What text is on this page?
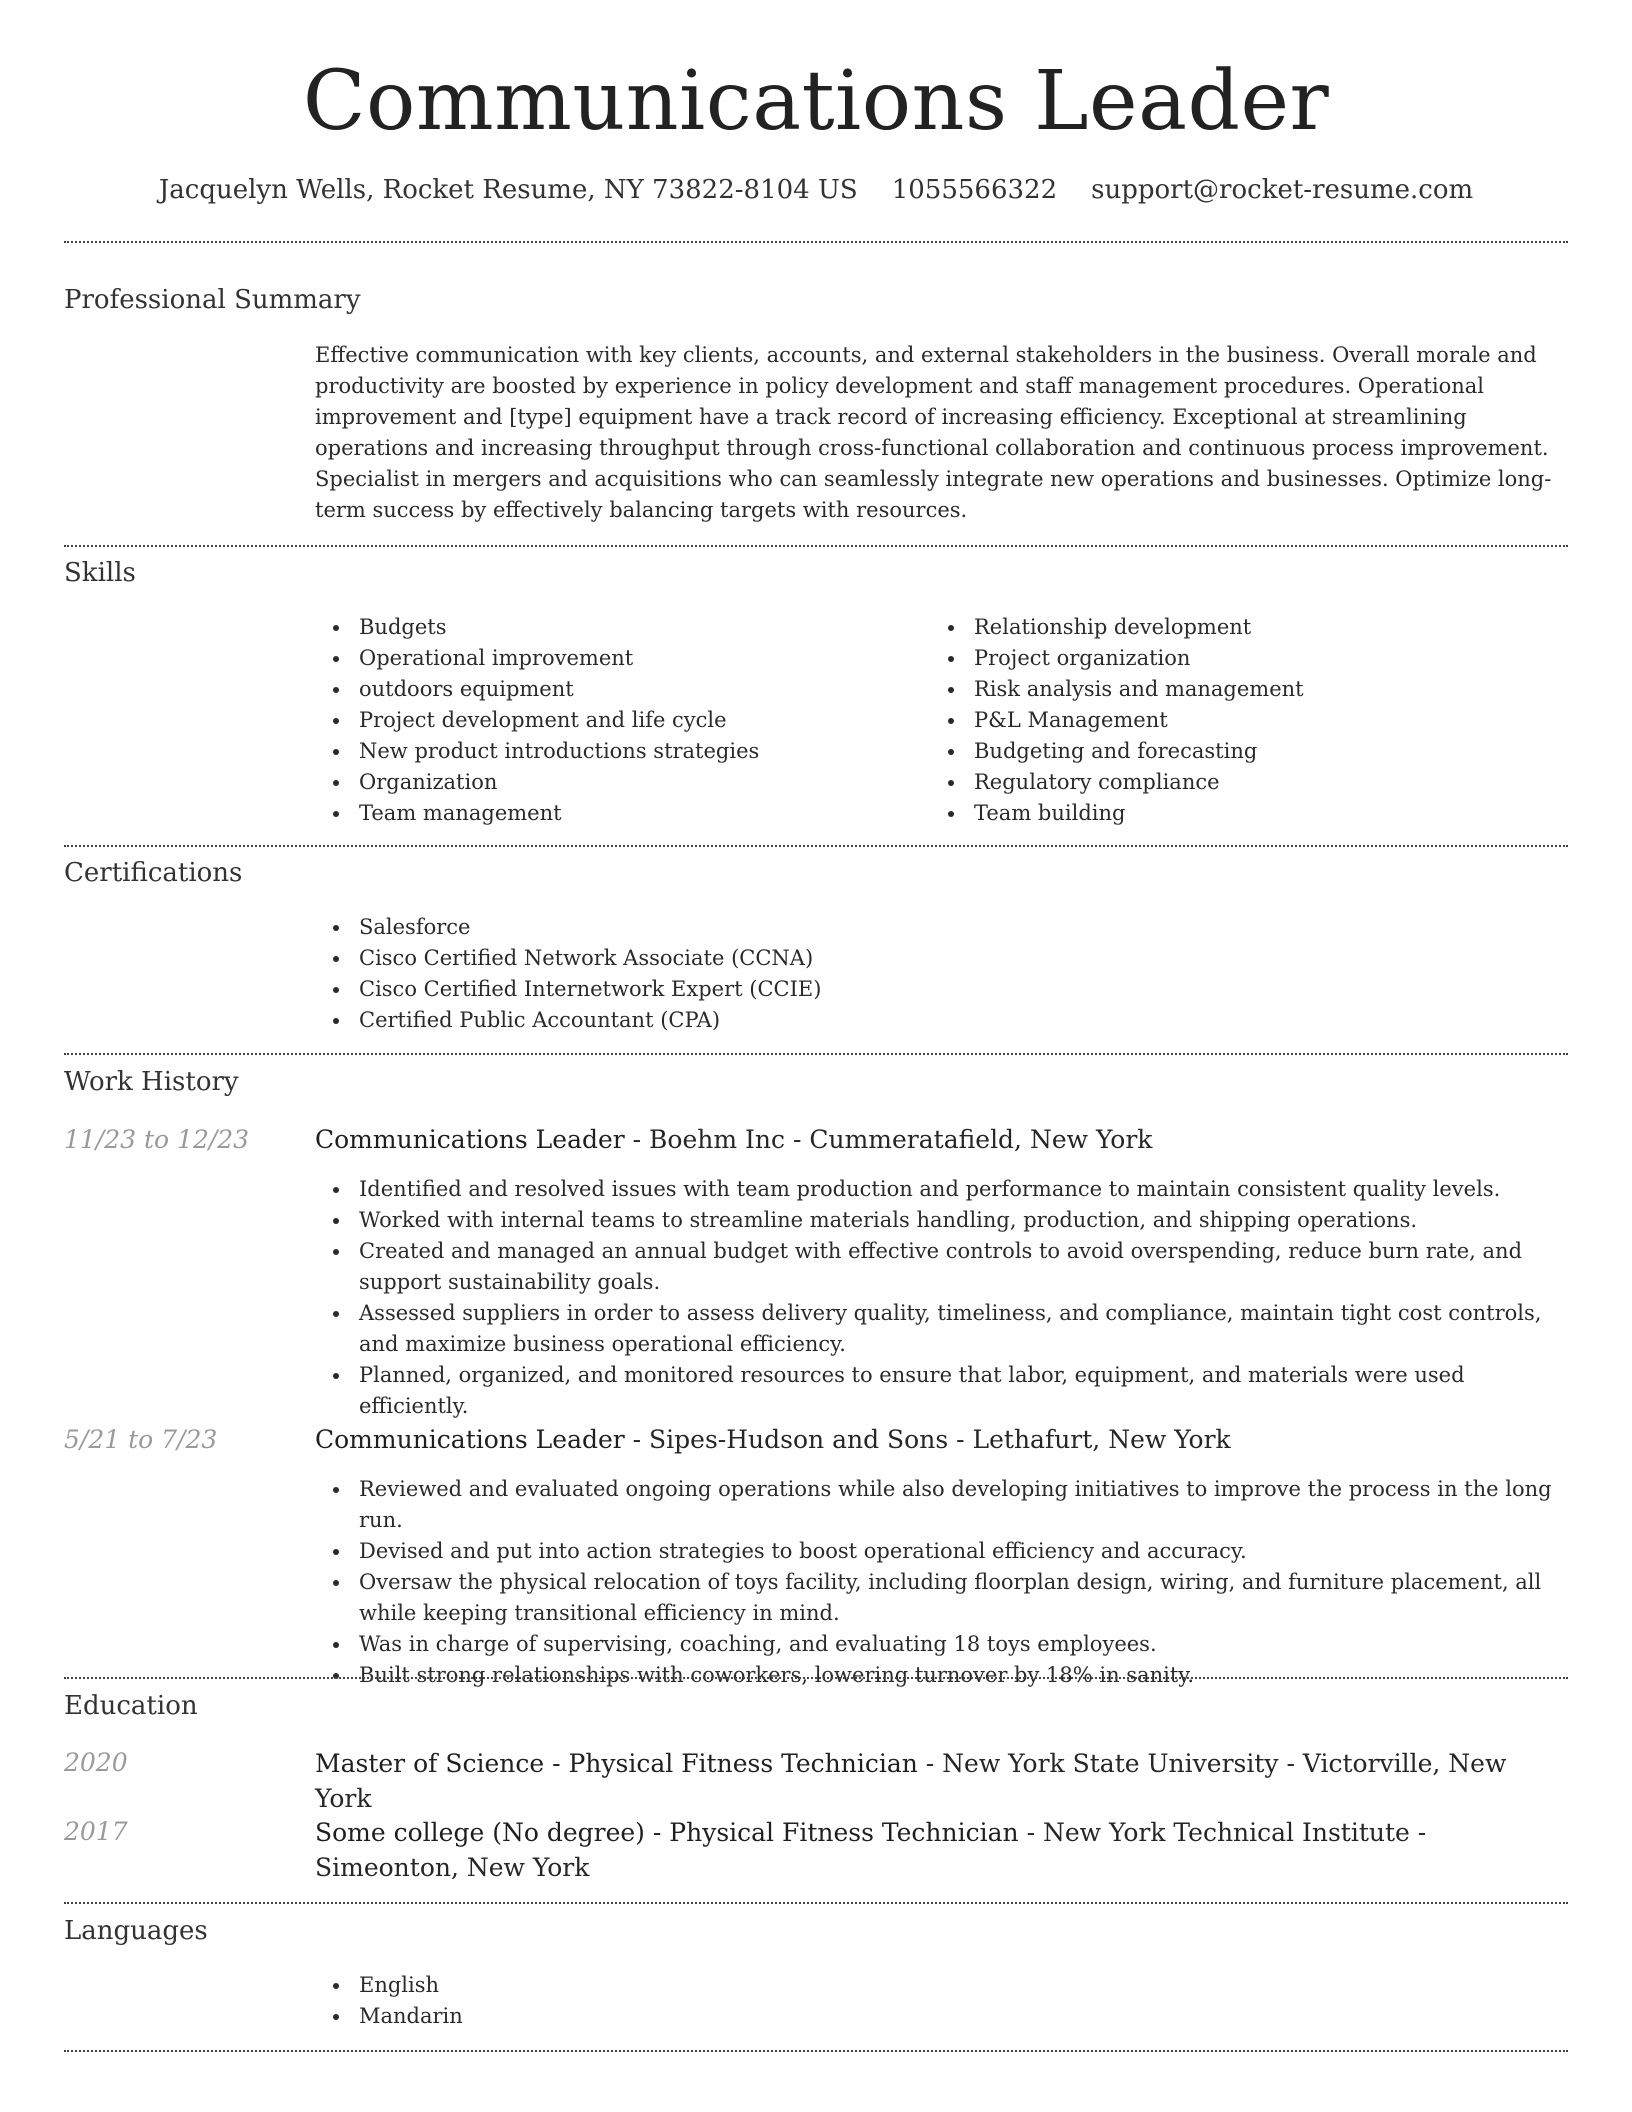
Communications Leader
Jacquelyn Wells, Rocket Resume, NY 73822-8104 US 1055566322 support@rocket-resume.com
Professional Summary

Effective communication with key clients, accounts, and external stakeholders in the business. Overall morale and productivity are boosted by experience in policy development and staff management procedures. Operational improvement and [type] equipment have a track record of increasing efficiency. Exceptional at streamlining operations and increasing throughput through cross-functional collaboration and continuous process improvement. Specialist in mergers and acquisitions who can seamlessly integrate new operations and businesses. Optimize long-term success by effectively balancing targets with resources.

Skills
Budgets
Operational improvement
outdoors equipment
Project development and life cycle
New product introductions strategies
Organization
Team management
Relationship development
Project organization
Risk analysis and management
P&L Management
Budgeting and forecasting
Regulatory compliance
Team building
Certifications
Salesforce
Cisco Certified Network Associate (CCNA)
Cisco Certified Internetwork Expert (CCIE)
Certified Public Accountant (CPA)
Work History
11/23 to 12/23	Communications Leader - Boehm Inc - Cummeratafield, New York
Identified and resolved issues with team production and performance to maintain consistent quality levels.
Worked with internal teams to streamline materials handling, production, and shipping operations.
Created and managed an annual budget with effective controls to avoid overspending, reduce burn rate, and support sustainability goals.
Assessed suppliers in order to assess delivery quality, timeliness, and compliance, maintain tight cost controls, and maximize business operational efficiency.
Planned, organized, and monitored resources to ensure that labor, equipment, and materials were used efficiently.
5/21 to 7/23	Communications Leader - Sipes-Hudson and Sons - Lethafurt, New York
Reviewed and evaluated ongoing operations while also developing initiatives to improve the process in the long run.
Devised and put into action strategies to boost operational efficiency and accuracy.
Oversaw the physical relocation of toys facility, including floorplan design, wiring, and furniture placement, all while keeping transitional efficiency in mind.
Was in charge of supervising, coaching, and evaluating 18 toys employees.
Built strong relationships with coworkers, lowering turnover by 18% in sanity.
Education
2020	Master of Science - Physical Fitness Technician - New York State University - Victorville, New York
2017	Some college (No degree) - Physical Fitness Technician - New York Technical Institute - Simeonton, New York
Languages
English
Mandarin
